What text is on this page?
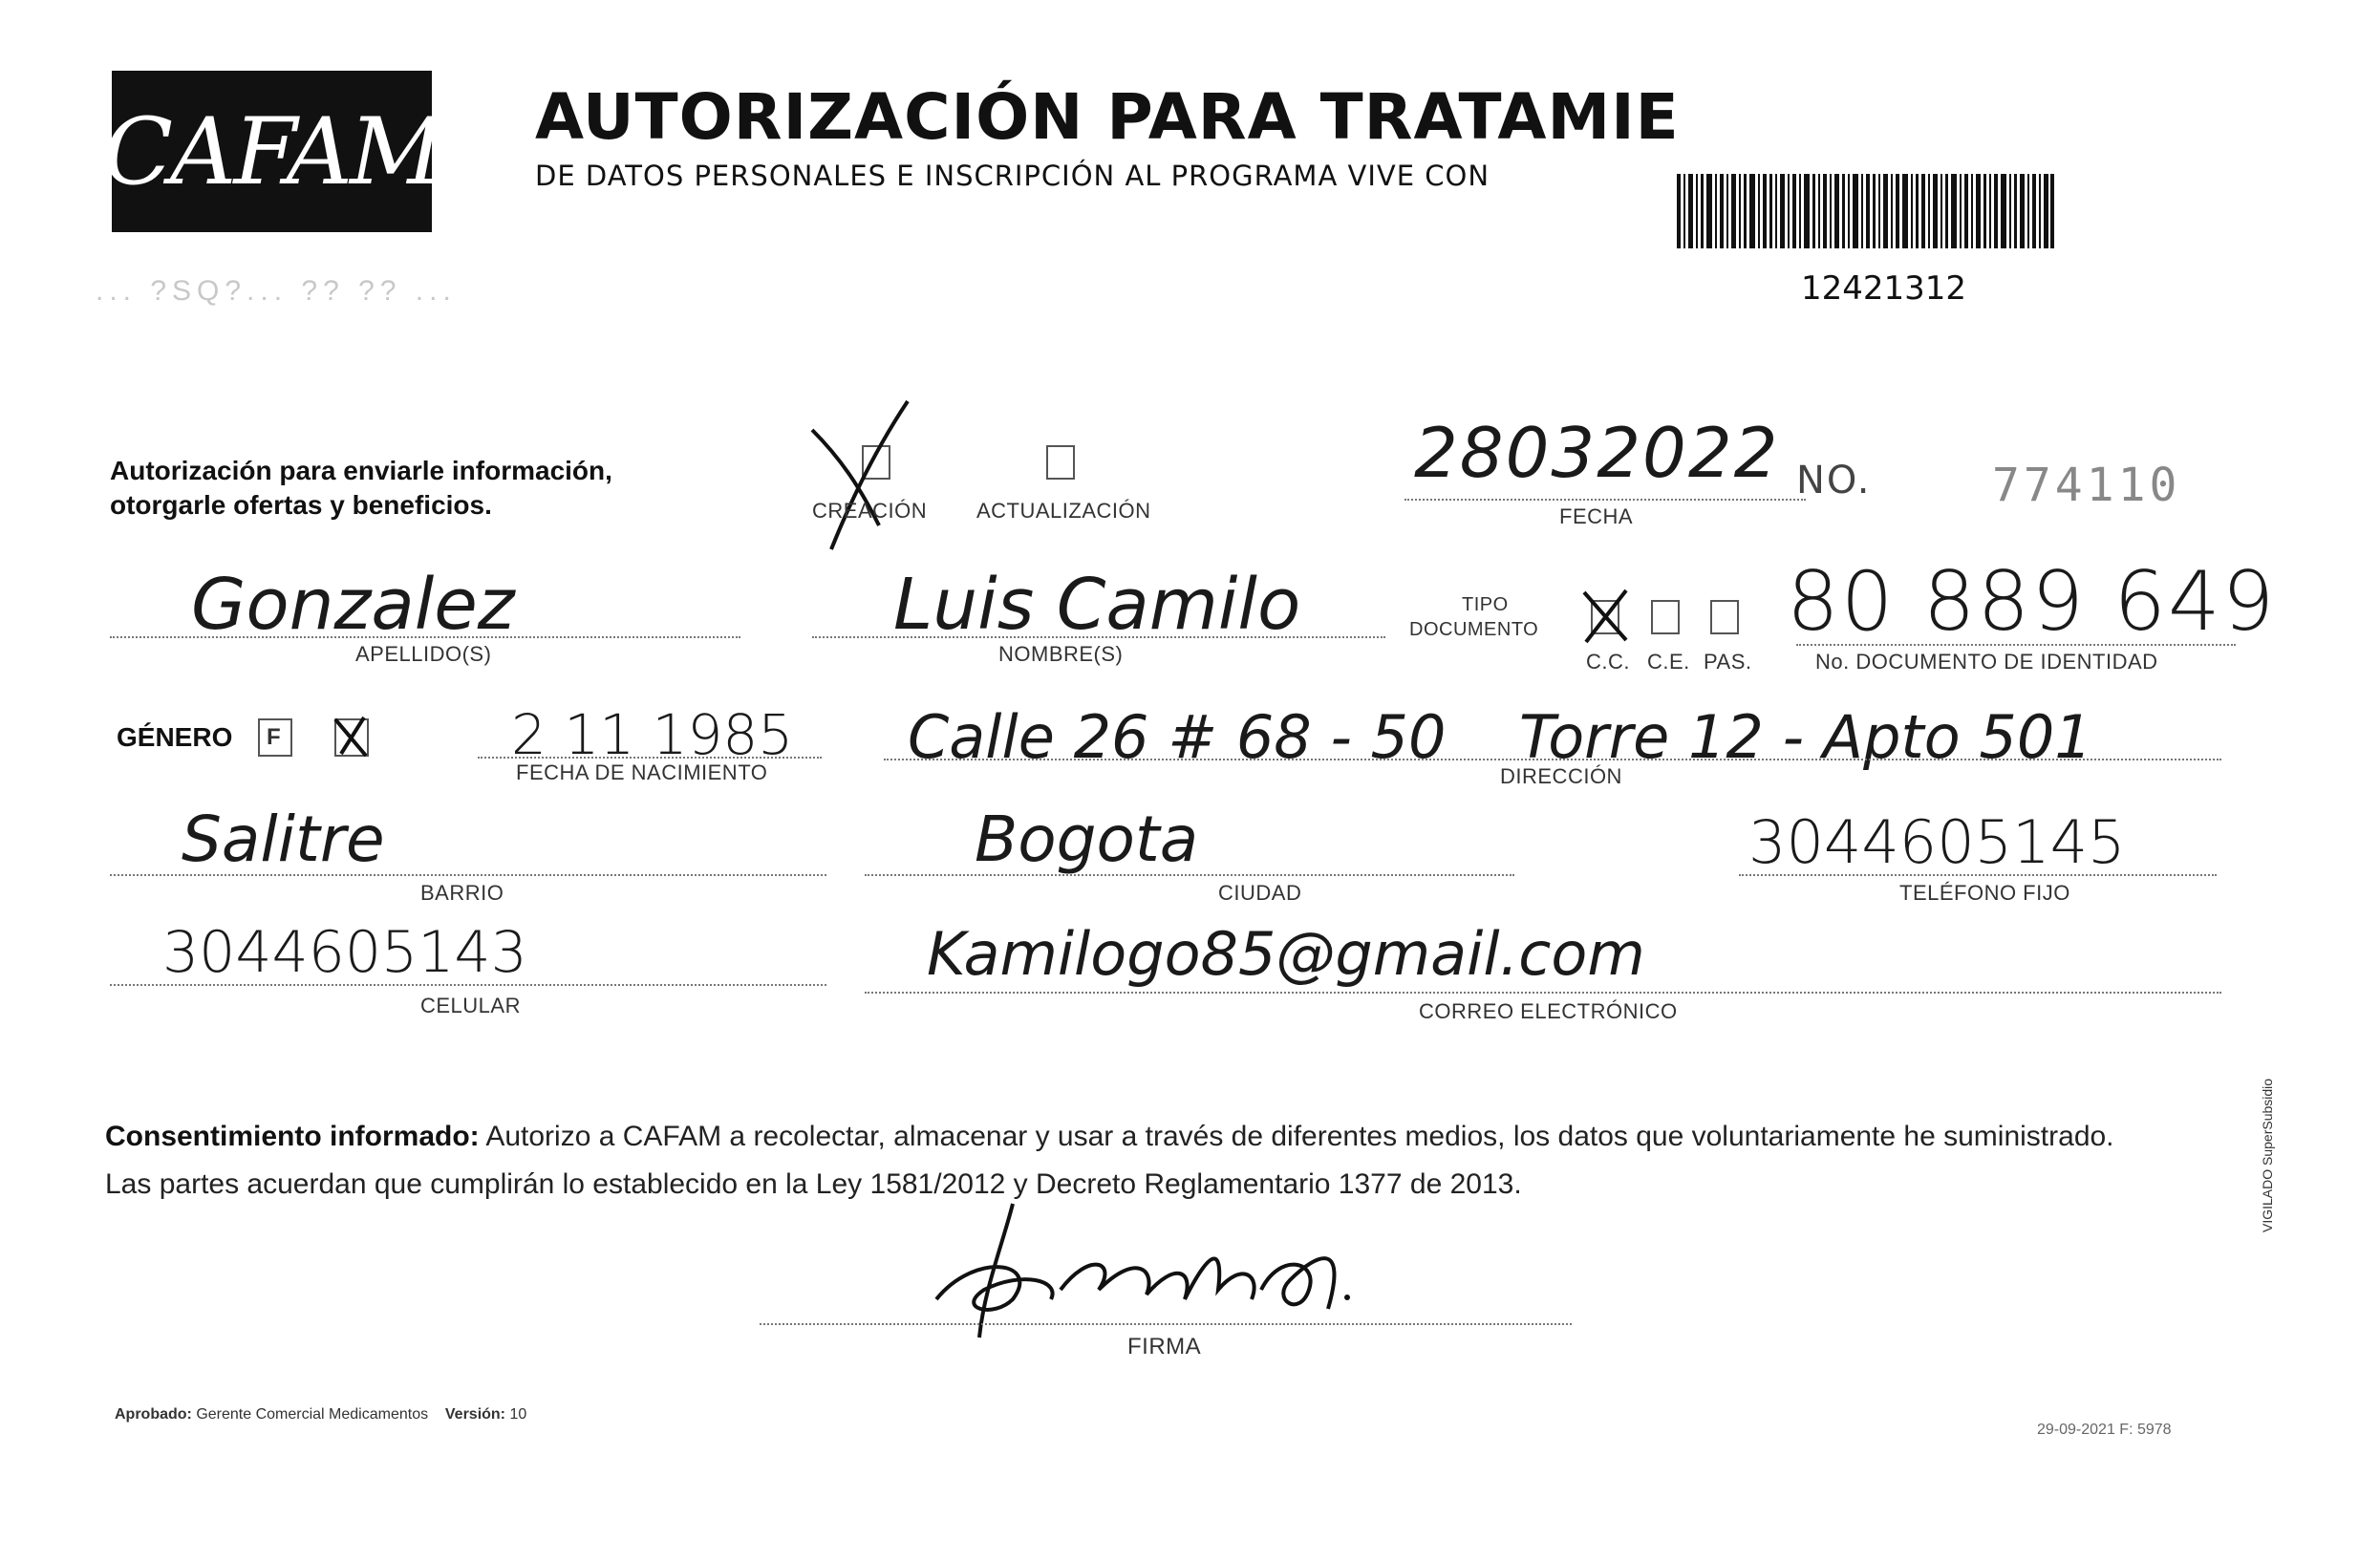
CAFAM AUTORIZACIÓN PARA TRATAMIE
DE DATOS PERSONALES E INSCRIPCIÓN AL PROGRAMA VIVE CON
12421312
... ?SQ?... ?? ?? ...
Autorización para enviarle información,
otorgarle ofertas y beneficios.	CREACIÓN ACTUALIZACIÓN
28032022
FECHA
NO.	774110
Gonzalez
APELLIDO(S)
Luis Camilo
NOMBRE(S)
TIPO
DOCUMENTO
C.C. C.E. PAS.
80 889 649
No. DOCUMENTO DE IDENTIDAD
GÉNERO F	2 11 1985
FECHA DE NACIMIENTO
Calle 26 # 68 - 50 Torre 12 - Apto 501
DIRECCIÓN
Salitre
BARRIO
Bogota
CIUDAD
3044605145
TELÉFONO FIJO
3044605143
CELULAR
Kamilogo85@gmail.com
CORREO ELECTRÓNICO
Consentimiento informado: Autorizo a CAFAM a recolectar, almacenar y usar a través de diferentes medios, los datos que voluntariamente he suministrado.
Las partes acuerdan que cumplirán lo establecido en la Ley 1581/2012 y Decreto Reglamentario 1377 de 2013.
FIRMA
Aprobado: Gerente Comercial Medicamentos Versión: 10
29-09-2021 F: 5978
VIGILADO SuperSubsidio
